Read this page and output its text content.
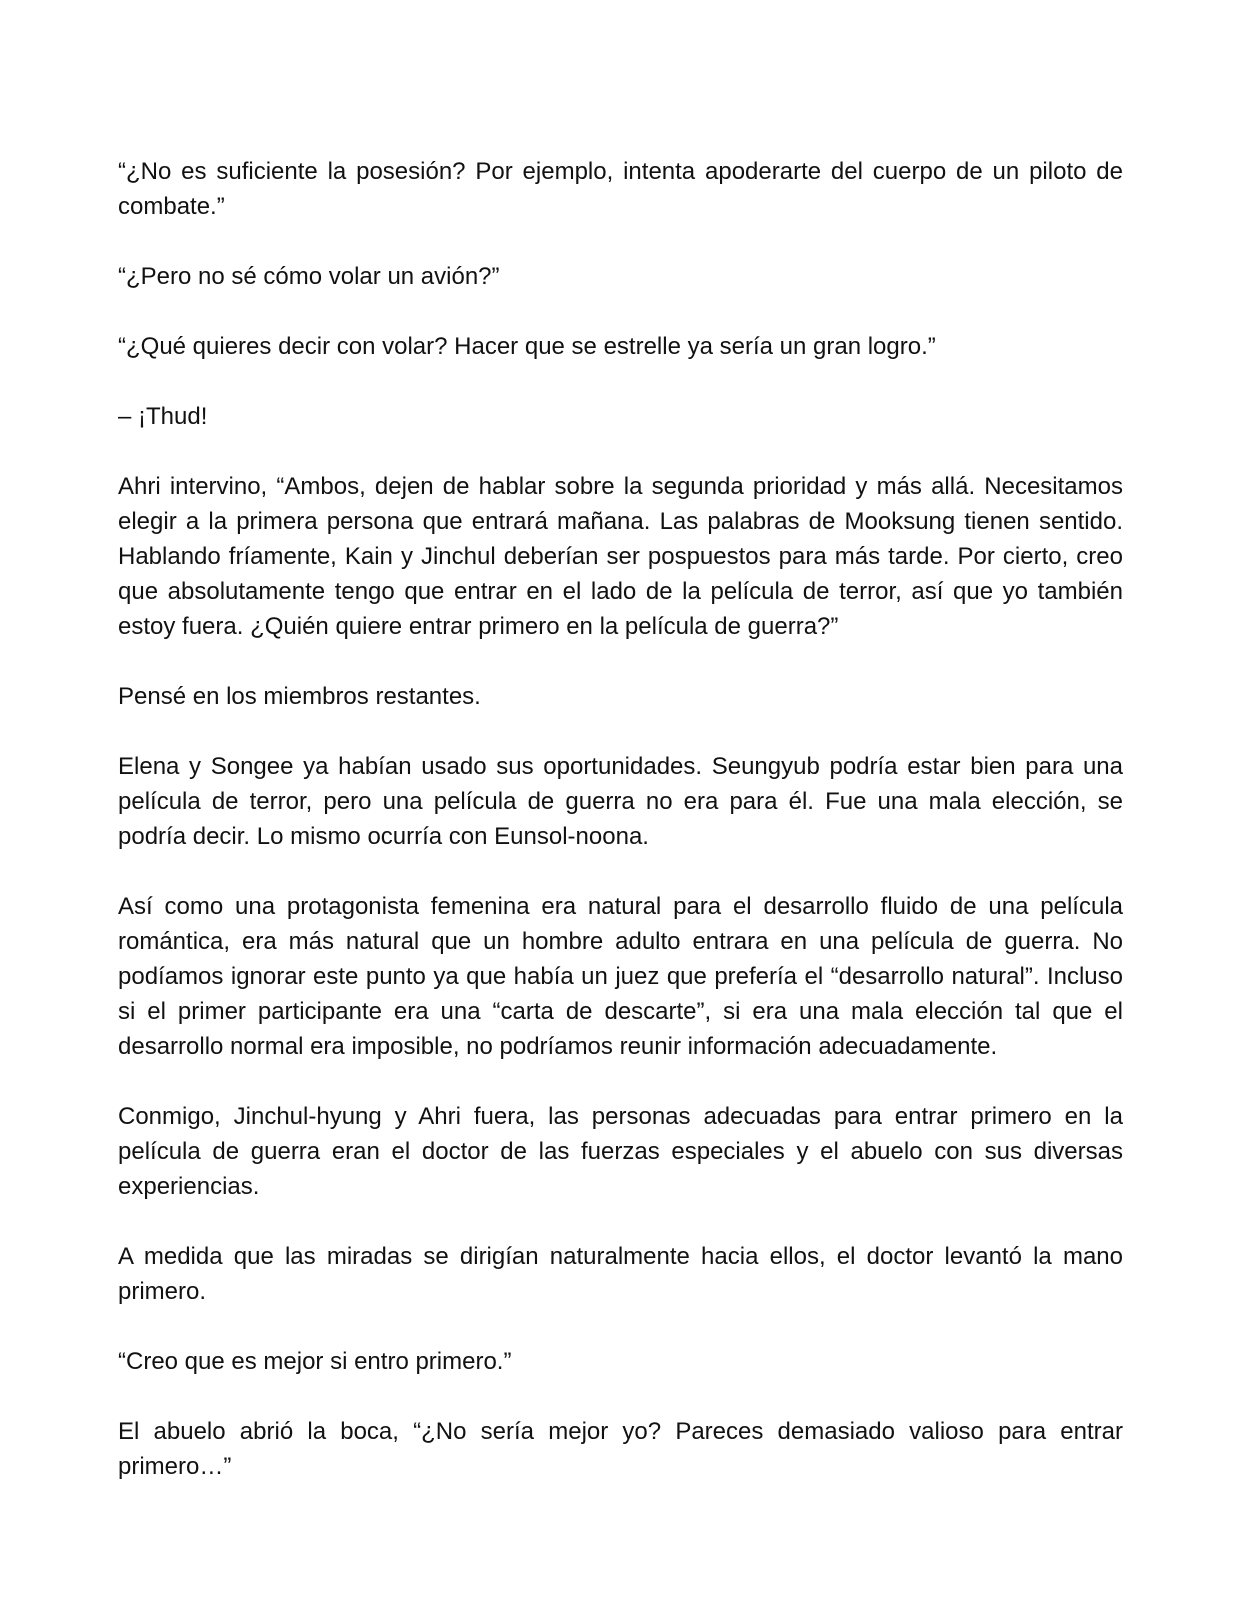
“¿No es suficiente la posesión? Por ejemplo, intenta apoderarte del cuerpo de un piloto de combate.”

“¿Pero no sé cómo volar un avión?”

“¿Qué quieres decir con volar? Hacer que se estrelle ya sería un gran logro.”

– ¡Thud!

Ahri intervino, “Ambos, dejen de hablar sobre la segunda prioridad y más allá. Necesitamos elegir a la primera persona que entrará mañana. Las palabras de Mooksung tienen sentido. Hablando fríamente, Kain y Jinchul deberían ser pospuestos para más tarde. Por cierto, creo que absolutamente tengo que entrar en el lado de la película de terror, así que yo también estoy fuera. ¿Quién quiere entrar primero en la película de guerra?”

Pensé en los miembros restantes.

Elena y Songee ya habían usado sus oportunidades. Seungyub podría estar bien para una película de terror, pero una película de guerra no era para él. Fue una mala elección, se podría decir. Lo mismo ocurría con Eunsol-noona.

Así como una protagonista femenina era natural para el desarrollo fluido de una película romántica, era más natural que un hombre adulto entrara en una película de guerra. No podíamos ignorar este punto ya que había un juez que prefería el “desarrollo natural”. Incluso si el primer participante era una “carta de descarte”, si era una mala elección tal que el desarrollo normal era imposible, no podríamos reunir información adecuadamente.

Conmigo, Jinchul-hyung y Ahri fuera, las personas adecuadas para entrar primero en la película de guerra eran el doctor de las fuerzas especiales y el abuelo con sus diversas experiencias.

A medida que las miradas se dirigían naturalmente hacia ellos, el doctor levantó la mano primero.

“Creo que es mejor si entro primero.”

El abuelo abrió la boca, “¿No sería mejor yo? Pareces demasiado valioso para entrar primero…”
